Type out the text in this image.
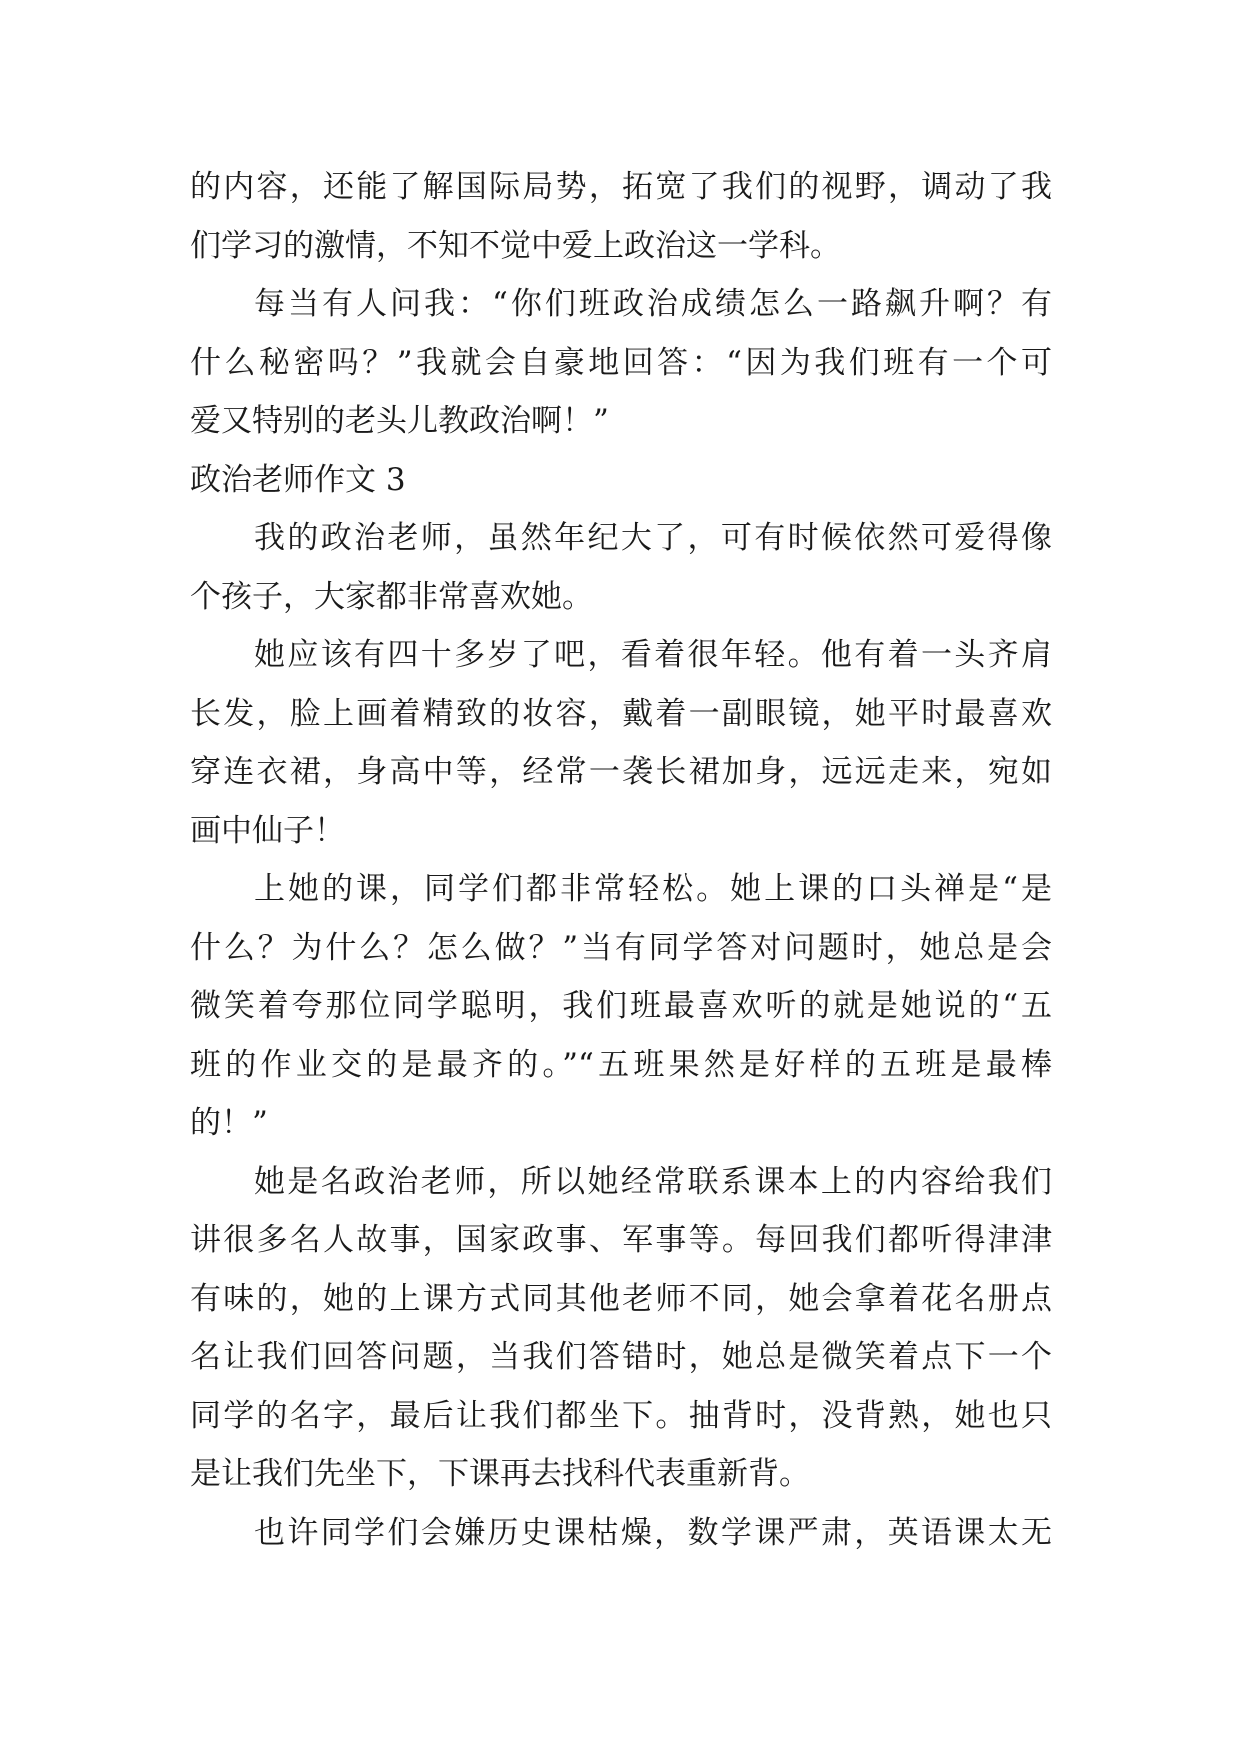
的内容，还能了解国际局势，拓宽了我们的视野，调动了我
们学习的激情，不知不觉中爱上政治这一学科。
每当有人问我：“你们班政治成绩怎么一路飙升啊？有
什么秘密吗？”我就会自豪地回答：“因为我们班有一个可
爱又特别的老头儿教政治啊！”
政治老师作文 3
我的政治老师，虽然年纪大了，可有时候依然可爱得像
个孩子，大家都非常喜欢她。
她应该有四十多岁了吧，看着很年轻。他有着一头齐肩
长发，脸上画着精致的妆容，戴着一副眼镜，她平时最喜欢
穿连衣裙，身高中等，经常一袭长裙加身，远远走来，宛如
画中仙子！
上她的课，同学们都非常轻松。她上课的口头禅是“是
什么？为什么？怎么做？”当有同学答对问题时，她总是会
微笑着夸那位同学聪明，我们班最喜欢听的就是她说的“五
班的作业交的是最齐的。”“五班果然是好样的五班是最棒
的！”
她是名政治老师，所以她经常联系课本上的内容给我们
讲很多名人故事，国家政事、军事等。每回我们都听得津津
有味的，她的上课方式同其他老师不同，她会拿着花名册点
名让我们回答问题，当我们答错时，她总是微笑着点下一个
同学的名字，最后让我们都坐下。抽背时，没背熟，她也只
是让我们先坐下，下课再去找科代表重新背。
也许同学们会嫌历史课枯燥，数学课严肃，英语课太无
